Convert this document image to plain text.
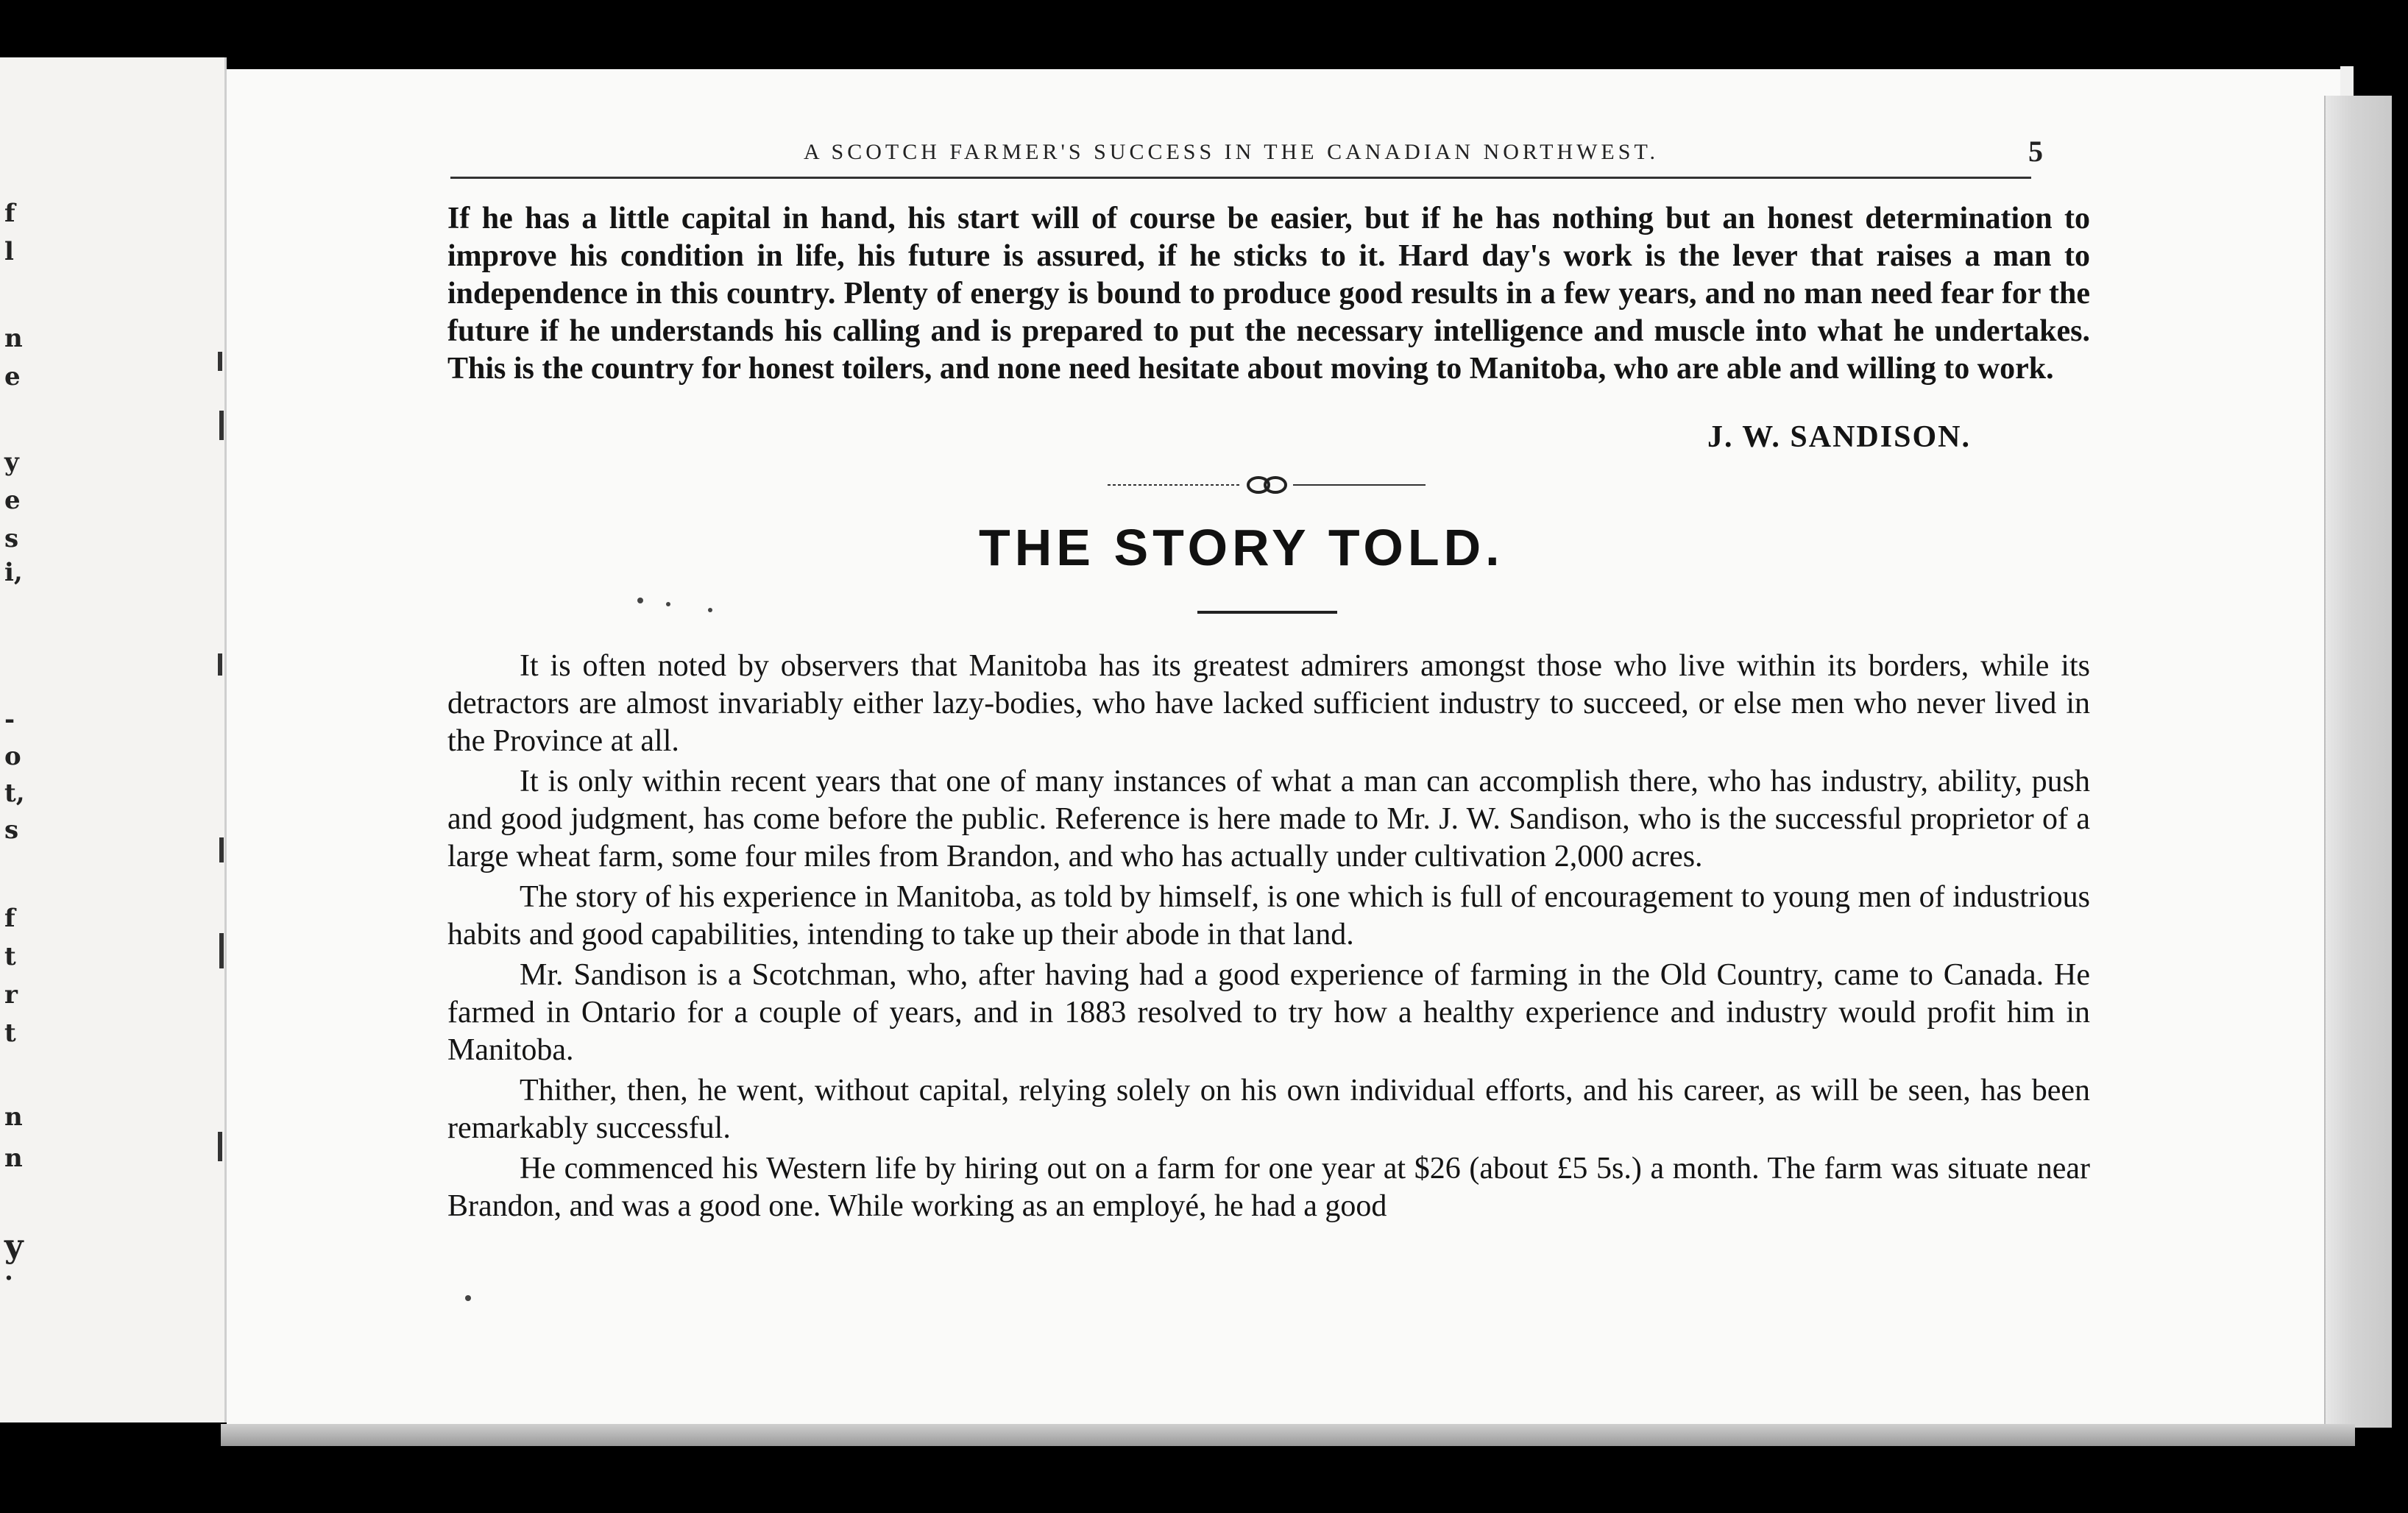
f
l
n
e
y
e
s
i,
-
o
t,
s
f
t
r
t
n
n
y
.
A SCOTCH FARMER'S SUCCESS IN THE CANADIAN NORTHWEST.	5

If he has a little capital in hand, his start will of course be easier, but if he has nothing but an honest determination to improve his condition in life, his future is assured, if he sticks to it. Hard day's work is the lever that raises a man to independence in this country. Plenty of energy is bound to produce good results in a few years, and no man need fear for the future if he understands his calling and is prepared to put the necessary intelligence and muscle into what he undertakes. This is the country for honest toilers, and none need hesitate about moving to Manitoba, who are able and willing to work.

J. W. SANDISON.
THE STORY TOLD.

It is often noted by observers that Manitoba has its greatest admirers amongst those who live within its borders, while its detractors are almost invariably either lazy-bodies, who have lacked sufficient industry to succeed, or else men who never lived in the Province at all.

It is only within recent years that one of many instances of what a man can accomplish there, who has industry, ability, push and good judgment, has come before the public. Reference is here made to Mr. J. W. Sandison, who is the successful proprietor of a large wheat farm, some four miles from Brandon, and who has actually under cultivation 2,000 acres.

The story of his experience in Manitoba, as told by himself, is one which is full of encouragement to young men of industrious habits and good capabilities, intending to take up their abode in that land.

Mr. Sandison is a Scotchman, who, after having had a good experience of farming in the Old Country, came to Canada. He farmed in Ontario for a couple of years, and in 1883 resolved to try how a healthy experience and industry would profit him in Manitoba.

Thither, then, he went, without capital, relying solely on his own individual efforts, and his career, as will be seen, has been remarkably successful.

He commenced his Western life by hiring out on a farm for one year at $26 (about £5 5s.) a month. The farm was situate near Brandon, and was a good one. While working as an employé, he had a good
